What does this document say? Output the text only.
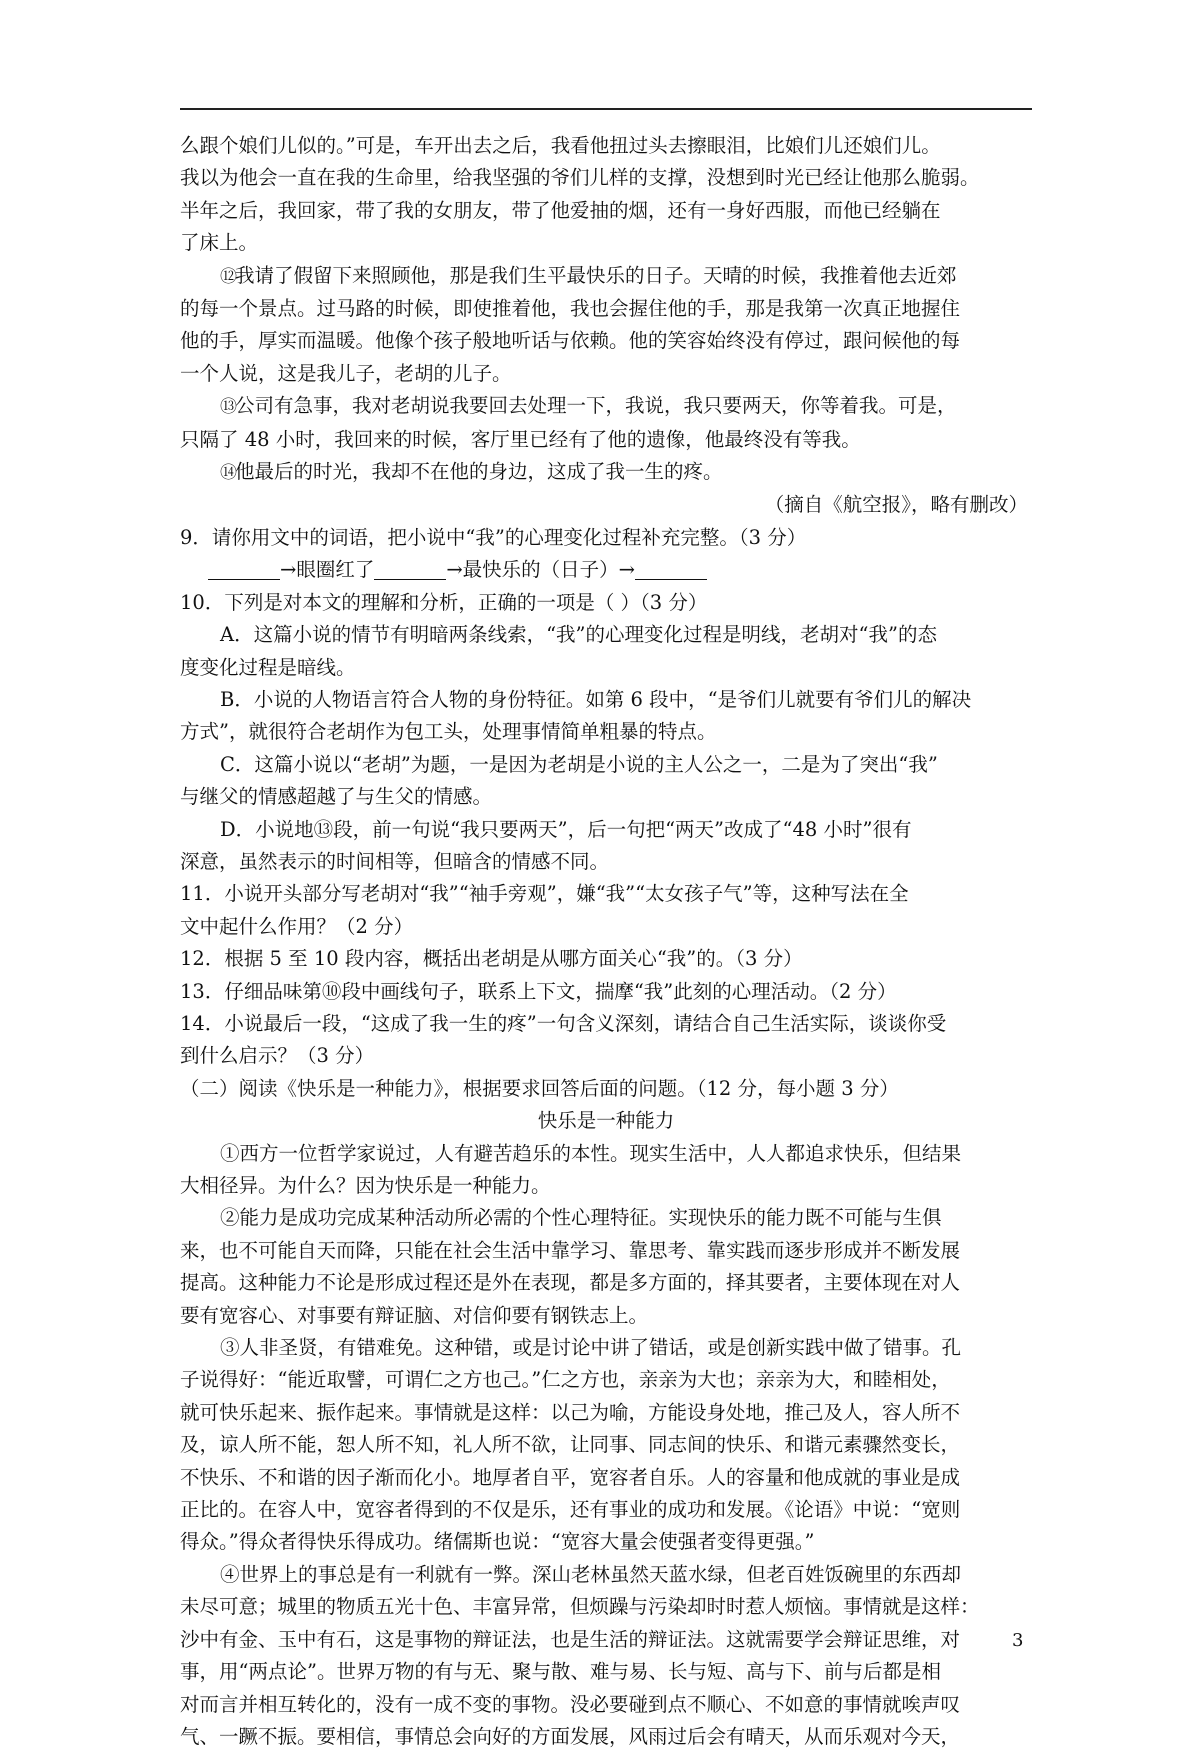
么跟个娘们儿似的。”可是，车开出去之后，我看他扭过头去擦眼泪，比娘们儿还娘们儿。
我以为他会一直在我的生命里，给我坚强的爷们儿样的支撑，没想到时光已经让他那么脆弱。
半年之后，我回家，带了我的女朋友，带了他爱抽的烟，还有一身好西服，而他已经躺在
了床上。
⑫我请了假留下来照顾他，那是我们生平最快乐的日子。天晴的时候，我推着他去近郊
的每一个景点。过马路的时候，即使推着他，我也会握住他的手，那是我第一次真正地握住
他的手，厚实而温暖。他像个孩子般地听话与依赖。他的笑容始终没有停过，跟问候他的每
一个人说，这是我儿子，老胡的儿子。
⑬公司有急事，我对老胡说我要回去处理一下，我说，我只要两天，你等着我。可是，
只隔了 48 小时，我回来的时候，客厅里已经有了他的遗像，他最终没有等我。
⑭他最后的时光，我却不在他的身边，这成了我一生的疼。
（摘自《航空报》，略有删改）
9．请你用文中的词语，把小说中“我”的心理变化过程补充完整。（3 分）
→眼圈红了	→最快乐的（日子）→
10．下列是对本文的理解和分析，正确的一项是（ ）（3 分）
A．这篇小说的情节有明暗两条线索，“我”的心理变化过程是明线，老胡对“我”的态
度变化过程是暗线。
B．小说的人物语言符合人物的身份特征。如第 6 段中，“是爷们儿就要有爷们儿的解决
方式”，就很符合老胡作为包工头，处理事情简单粗暴的特点。
C．这篇小说以“老胡”为题，一是因为老胡是小说的主人公之一，二是为了突出“我”
与继父的情感超越了与生父的情感。
D．小说地⑬段，前一句说“我只要两天”，后一句把“两天”改成了“48 小时”很有
深意，虽然表示的时间相等，但暗含的情感不同。
11．小说开头部分写老胡对“我”“袖手旁观”，嫌“我”“太女孩子气”等，这种写法在全
文中起什么作用？（2 分）
12．根据 5 至 10 段内容，概括出老胡是从哪方面关心“我”的。（3 分）
13．仔细品味第⑩段中画线句子，联系上下文，揣摩“我”此刻的心理活动。（2 分）
14．小说最后一段，“这成了我一生的疼”一句含义深刻，请结合自己生活实际，谈谈你受
到什么启示？（3 分）
（二）阅读《快乐是一种能力》，根据要求回答后面的问题。（12 分，每小题 3 分）
快乐是一种能力
①西方一位哲学家说过，人有避苦趋乐的本性。现实生活中，人人都追求快乐，但结果
大相径异。为什么？因为快乐是一种能力。
②能力是成功完成某种活动所必需的个性心理特征。实现快乐的能力既不可能与生俱
来，也不可能自天而降，只能在社会生活中靠学习、靠思考、靠实践而逐步形成并不断发展
提高。这种能力不论是形成过程还是外在表现，都是多方面的，择其要者，主要体现在对人
要有宽容心、对事要有辩证脑、对信仰要有钢铁志上。
③人非圣贤，有错难免。这种错，或是讨论中讲了错话，或是创新实践中做了错事。孔
子说得好：“能近取譬，可谓仁之方也己。”仁之方也，亲亲为大也；亲亲为大，和睦相处，
就可快乐起来、振作起来。事情就是这样：以己为喻，方能设身处地，推己及人，容人所不
及，谅人所不能，恕人所不知，礼人所不欲，让同事、同志间的快乐、和谐元素骤然变长，
不快乐、不和谐的因子渐而化小。地厚者自平，宽容者自乐。人的容量和他成就的事业是成
正比的。在容人中，宽容者得到的不仅是乐，还有事业的成功和发展。《论语》中说：“宽则
得众。”得众者得快乐得成功。绪儒斯也说：“宽容大量会使强者变得更强。”
④世界上的事总是有一利就有一弊。深山老林虽然天蓝水绿，但老百姓饭碗里的东西却
未尽可意；城里的物质五光十色、丰富异常，但烦躁与污染却时时惹人烦恼。事情就是这样：
沙中有金、玉中有石，这是事物的辩证法，也是生活的辩证法。这就需要学会辩证思维，对
事，用“两点论”。世界万物的有与无、聚与散、难与易、长与短、高与下、前与后都是相
对而言并相互转化的，没有一成不变的事物。没必要碰到点不顺心、不如意的事情就唉声叹
气、一蹶不振。要相信，事情总会向好的方面发展，风雨过后会有晴天，从而乐观对今天，
3
